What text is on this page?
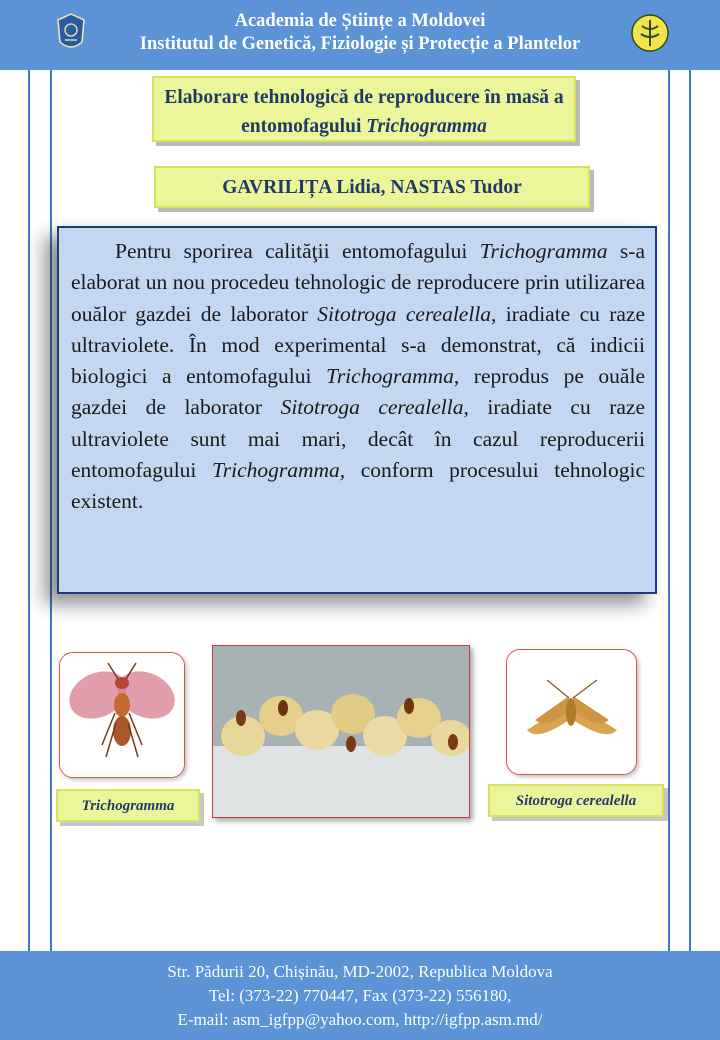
Academia de Științe a Moldovei
Institutul de Genetică, Fiziologie și Protecție a Plantelor
Elaborare tehnologică de reproducere în masă a entomofagului Trichogramma
GAVRILIȚA Lidia, NASTAS Tudor
Pentru sporirea calităţii entomofagului Trichogramma s-a elaborat un nou procedeu tehnologic de reproducere prin utilizarea ouălor gazdei de laborator Sitotroga cerealella, iradiate cu raze ultraviolete. În mod experimental s-a demonstrat, că indicii biologici a entomofagului Trichogramma, reprodus pe ouăle gazdei de laborator Sitotroga cerealella, iradiate cu raze ultraviolete sunt mai mari, decât în cazul reproducerii entomofagului Trichogramma, conform procesului tehnologic existent.
Trichogramma	Sitotroga cerealella
Str. Pădurii 20, Chișinău, MD-2002, Republica Moldova
Tel: (373-22) 770447, Fax (373-22) 556180,
E-mail: asm_igfpp@yahoo.com, http://igfpp.asm.md/
